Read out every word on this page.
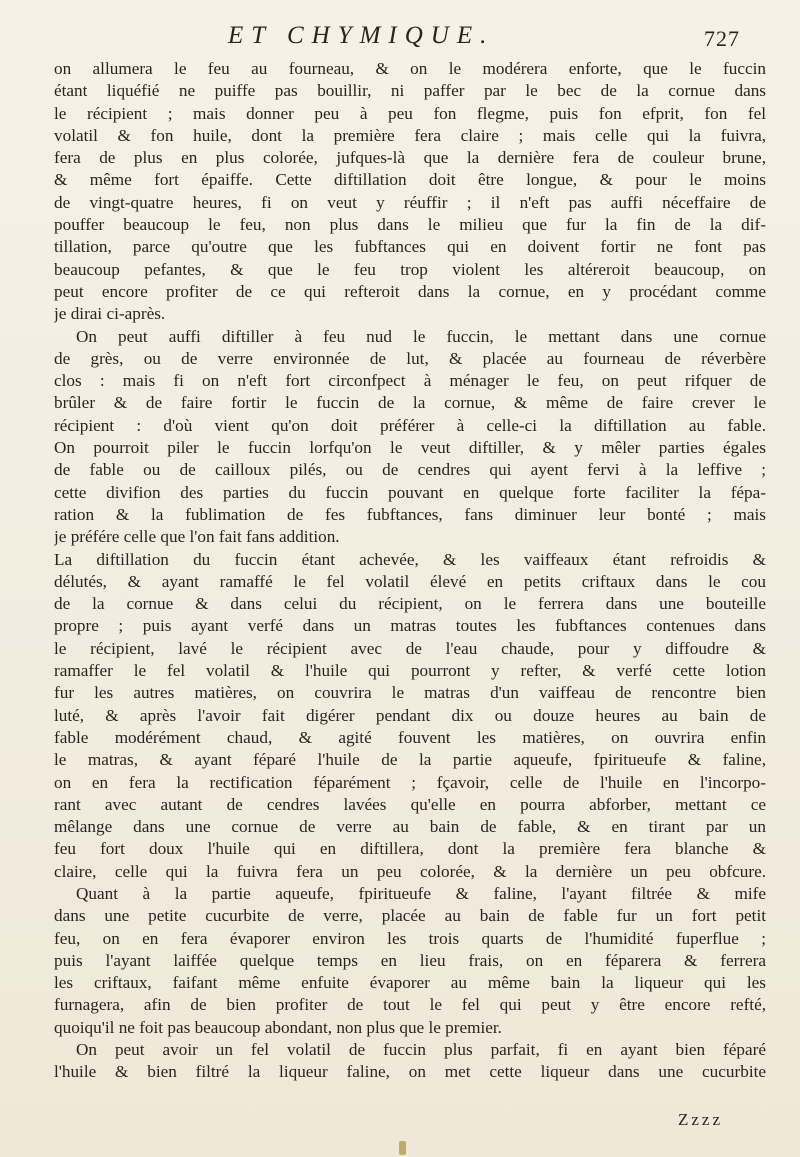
ET CHYMIQUE.	727
on allumera le feu au fourneau, & on le modérera enforte, que le fuccin
étant liquéfié ne puiffe pas bouillir, ni paffer par le bec de la cornue dans
le récipient ; mais donner peu à peu fon flegme, puis fon efprit, fon fel
volatil & fon huile, dont la première fera claire ; mais celle qui la fuivra,
fera de plus en plus colorée, jufques-là que la dernière fera de couleur brune,
& même fort épaiffe. Cette diftillation doit être longue, & pour le moins
de vingt-quatre heures, fi on veut y réuffir ; il n'eft pas auffi néceffaire de
pouffer beaucoup le feu, non plus dans le milieu que fur la fin de la dif-
tillation, parce qu'outre que les fubftances qui en doivent fortir ne font pas
beaucoup pefantes, & que le feu trop violent les altéreroit beaucoup, on
peut encore profiter de ce qui refteroit dans la cornue, en y procédant comme
je dirai ci-après.
On peut auffi diftiller à feu nud le fuccin, le mettant dans une cornue
de grès, ou de verre environnée de lut, & placée au fourneau de réverbère
clos : mais fi on n'eft fort circonfpect à ménager le feu, on peut rifquer de
brûler & de faire fortir le fuccin de la cornue, & même de faire crever le
récipient : d'où vient qu'on doit préférer à celle-ci la diftillation au fable.
On pourroit piler le fuccin lorfqu'on le veut diftiller, & y mêler parties égales
de fable ou de cailloux pilés, ou de cendres qui ayent fervi à la leffive ;
cette divifion des parties du fuccin pouvant en quelque forte faciliter la fépa-
ration & la fublimation de fes fubftances, fans diminuer leur bonté ; mais
je préfére celle que l'on fait fans addition.
La diftillation du fuccin étant achevée, & les vaiffeaux étant refroidis &
délutés, & ayant ramaffé le fel volatil élevé en petits criftaux dans le cou
de la cornue & dans celui du récipient, on le ferrera dans une bouteille
propre ; puis ayant verfé dans un matras toutes les fubftances contenues dans
le récipient, lavé le récipient avec de l'eau chaude, pour y diffoudre &
ramaffer le fel volatil & l'huile qui pourront y refter, & verfé cette lotion
fur les autres matières, on couvrira le matras d'un vaiffeau de rencontre bien
luté, & après l'avoir fait digérer pendant dix ou douze heures au bain de
fable modérément chaud, & agité fouvent les matières, on ouvrira enfin
le matras, & ayant féparé l'huile de la partie aqueufe, fpiritueufe & faline,
on en fera la rectification féparément ; fçavoir, celle de l'huile en l'incorpo-
rant avec autant de cendres lavées qu'elle en pourra abforber, mettant ce
mêlange dans une cornue de verre au bain de fable, & en tirant par un
feu fort doux l'huile qui en diftillera, dont la première fera blanche &
claire, celle qui la fuivra fera un peu colorée, & la dernière un peu obfcure.
Quant à la partie aqueufe, fpiritueufe & faline, l'ayant filtrée & mife
dans une petite cucurbite de verre, placée au bain de fable fur un fort petit
feu, on en fera évaporer environ les trois quarts de l'humidité fuperflue ;
puis l'ayant laiffée quelque temps en lieu frais, on en féparera & ferrera
les criftaux, faifant même enfuite évaporer au même bain la liqueur qui les
furnagera, afin de bien profiter de tout le fel qui peut y être encore refté,
quoiqu'il ne foit pas beaucoup abondant, non plus que le premier.
On peut avoir un fel volatil de fuccin plus parfait, fi en ayant bien féparé
l'huile & bien filtré la liqueur faline, on met cette liqueur dans une cucurbite
Zzzz
